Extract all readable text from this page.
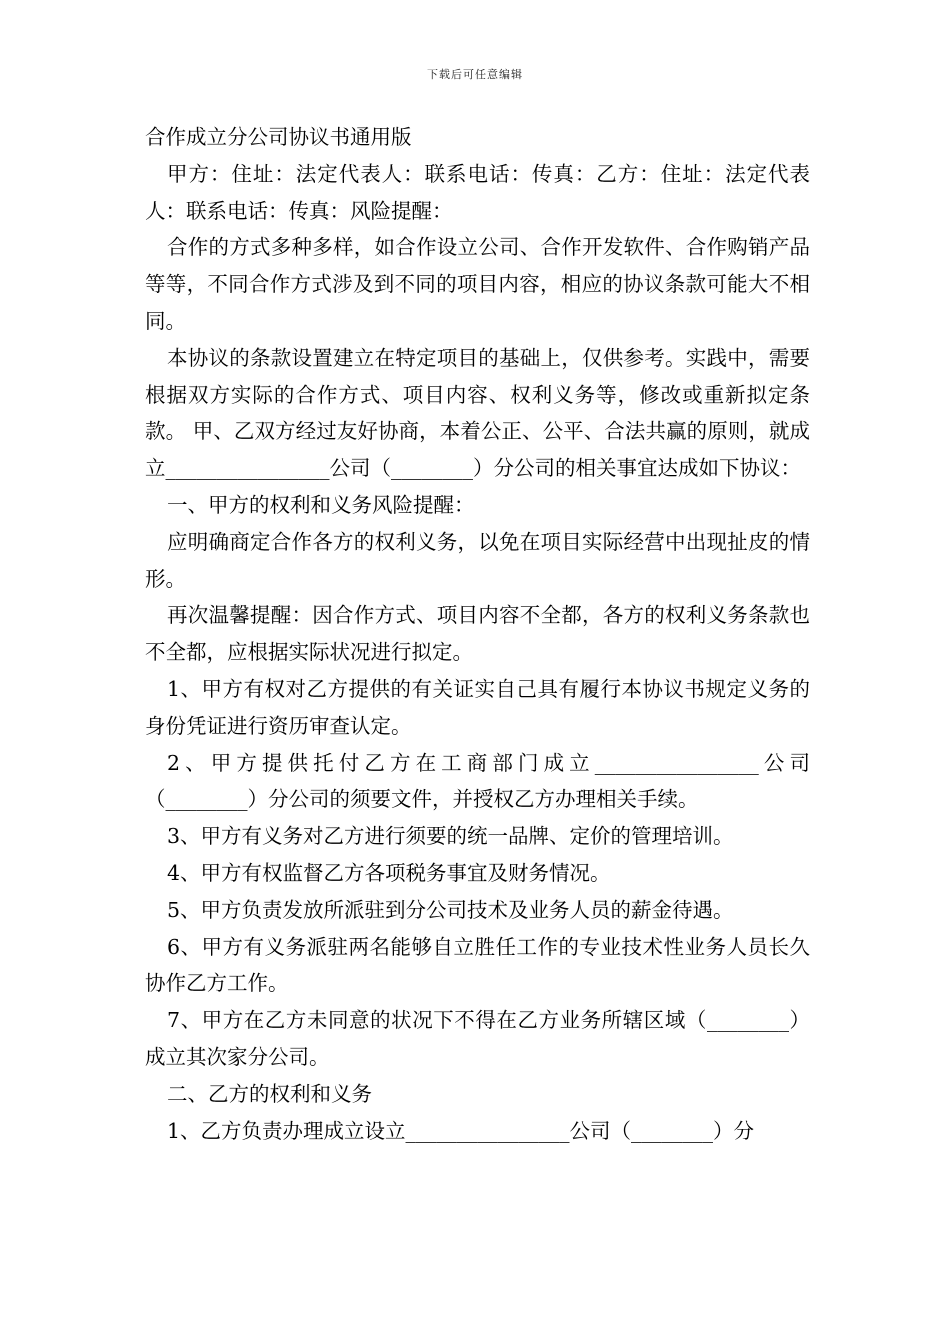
下载后可任意编辑

合作成立分公司协议书通用版

甲方：住址：法定代表人：联系电话：传真：乙方：住址：法定代表人：联系电话：传真：风险提醒：

合作的方式多种多样，如合作设立公司、合作开发软件、合作购销产品等等，不同合作方式涉及到不同的项目内容，相应的协议条款可能大不相同。

本协议的条款设置建立在特定项目的基础上，仅供参考。实践中，需要根据双方实际的合作方式、项目内容、权利义务等，修改或重新拟定条款。 甲、乙双方经过友好协商，本着公正、公平、合法共赢的原则，就成立________________公司（________）分公司的相关事宜达成如下协议：

一、甲方的权利和义务风险提醒：

应明确商定合作各方的权利义务，以免在项目实际经营中出现扯皮的情形。

再次温馨提醒：因合作方式、项目内容不全都，各方的权利义务条款也不全都，应根据实际状况进行拟定。

1、甲方有权对乙方提供的有关证实自己具有履行本协议书规定义务的身份凭证进行资历审查认定。

2、甲方提供托付乙方在工商部门成立________________公司（________）分公司的须要文件，并授权乙方办理相关手续。

3、甲方有义务对乙方进行须要的统一品牌、定价的管理培训。

4、甲方有权监督乙方各项税务事宜及财务情况。

5、甲方负责发放所派驻到分公司技术及业务人员的薪金待遇。

6、甲方有义务派驻两名能够自立胜任工作的专业技术性业务人员长久协作乙方工作。

7、甲方在乙方未同意的状况下不得在乙方业务所辖区域（________）成立其次家分公司。

二、乙方的权利和义务

1、乙方负责办理成立设立________________公司（________）分
